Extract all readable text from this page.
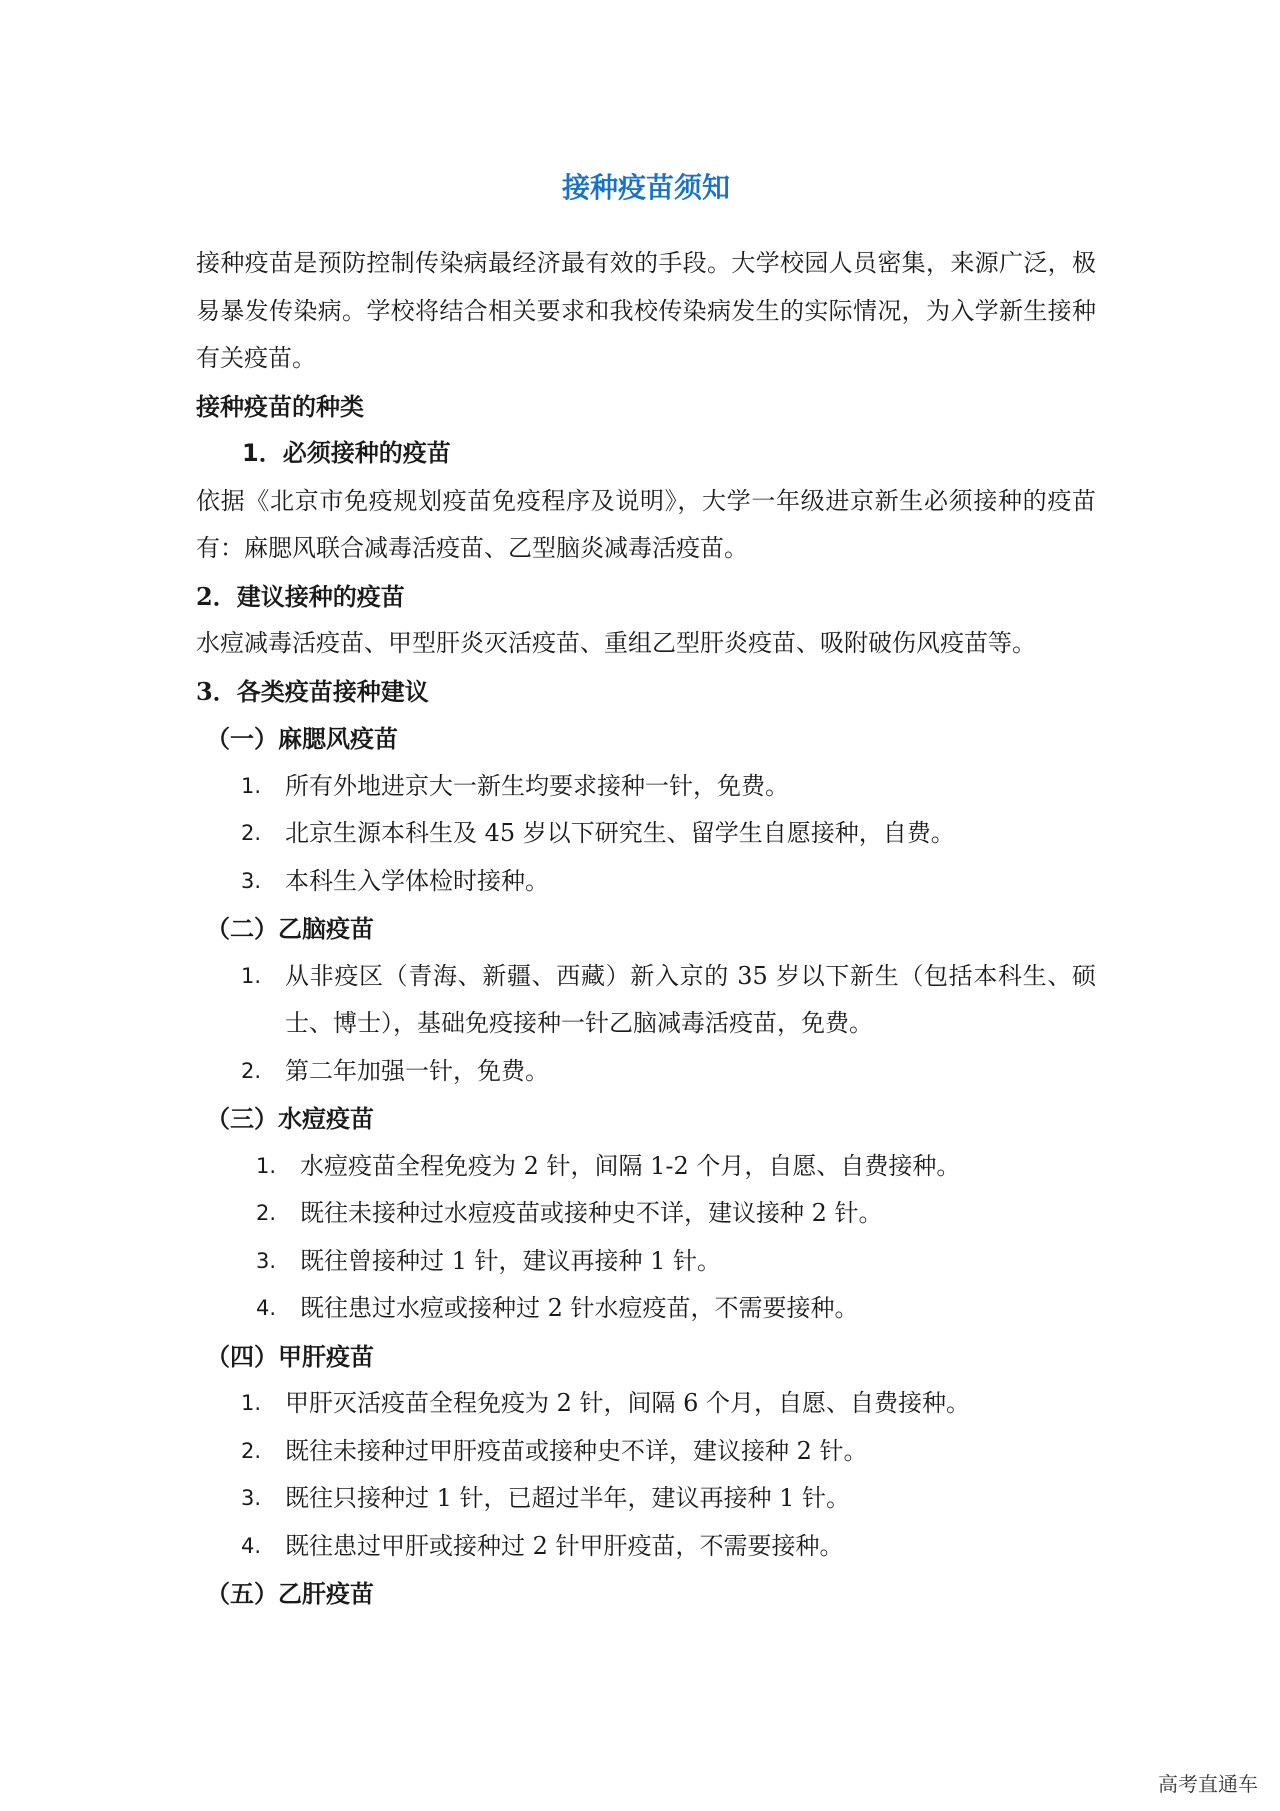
接种疫苗须知

接种疫苗是预防控制传染病最经济最有效的手段。大学校园人员密集，来源广泛，极易暴发传染病。学校将结合相关要求和我校传染病发生的实际情况，为入学新生接种有关疫苗。

接种疫苗的种类

1．必须接种的疫苗

依据《北京市免疫规划疫苗免疫程序及说明》，大学一年级进京新生必须接种的疫苗有：麻腮风联合减毒活疫苗、乙型脑炎减毒活疫苗。

2．建议接种的疫苗

水痘减毒活疫苗、甲型肝炎灭活疫苗、重组乙型肝炎疫苗、吸附破伤风疫苗等。

3．各类疫苗接种建议

（一）麻腮风疫苗

1. 所有外地进京大一新生均要求接种一针，免费。
2. 北京生源本科生及 45 岁以下研究生、留学生自愿接种，自费。
3. 本科生入学体检时接种。

（二）乙脑疫苗

1. 从非疫区（青海、新疆、西藏）新入京的 35 岁以下新生（包括本科生、硕士、博士），基础免疫接种一针乙脑减毒活疫苗，免费。
2. 第二年加强一针，免费。

（三）水痘疫苗

1. 水痘疫苗全程免疫为 2 针，间隔 1-2 个月，自愿、自费接种。
2. 既往未接种过水痘疫苗或接种史不详，建议接种 2 针。
3. 既往曾接种过 1 针，建议再接种 1 针。
4. 既往患过水痘或接种过 2 针水痘疫苗，不需要接种。

（四）甲肝疫苗

1. 甲肝灭活疫苗全程免疫为 2 针，间隔 6 个月，自愿、自费接种。
2. 既往未接种过甲肝疫苗或接种史不详，建议接种 2 针。
3. 既往只接种过 1 针，已超过半年，建议再接种 1 针。
4. 既往患过甲肝或接种过 2 针甲肝疫苗，不需要接种。

（五）乙肝疫苗

高考直通车
